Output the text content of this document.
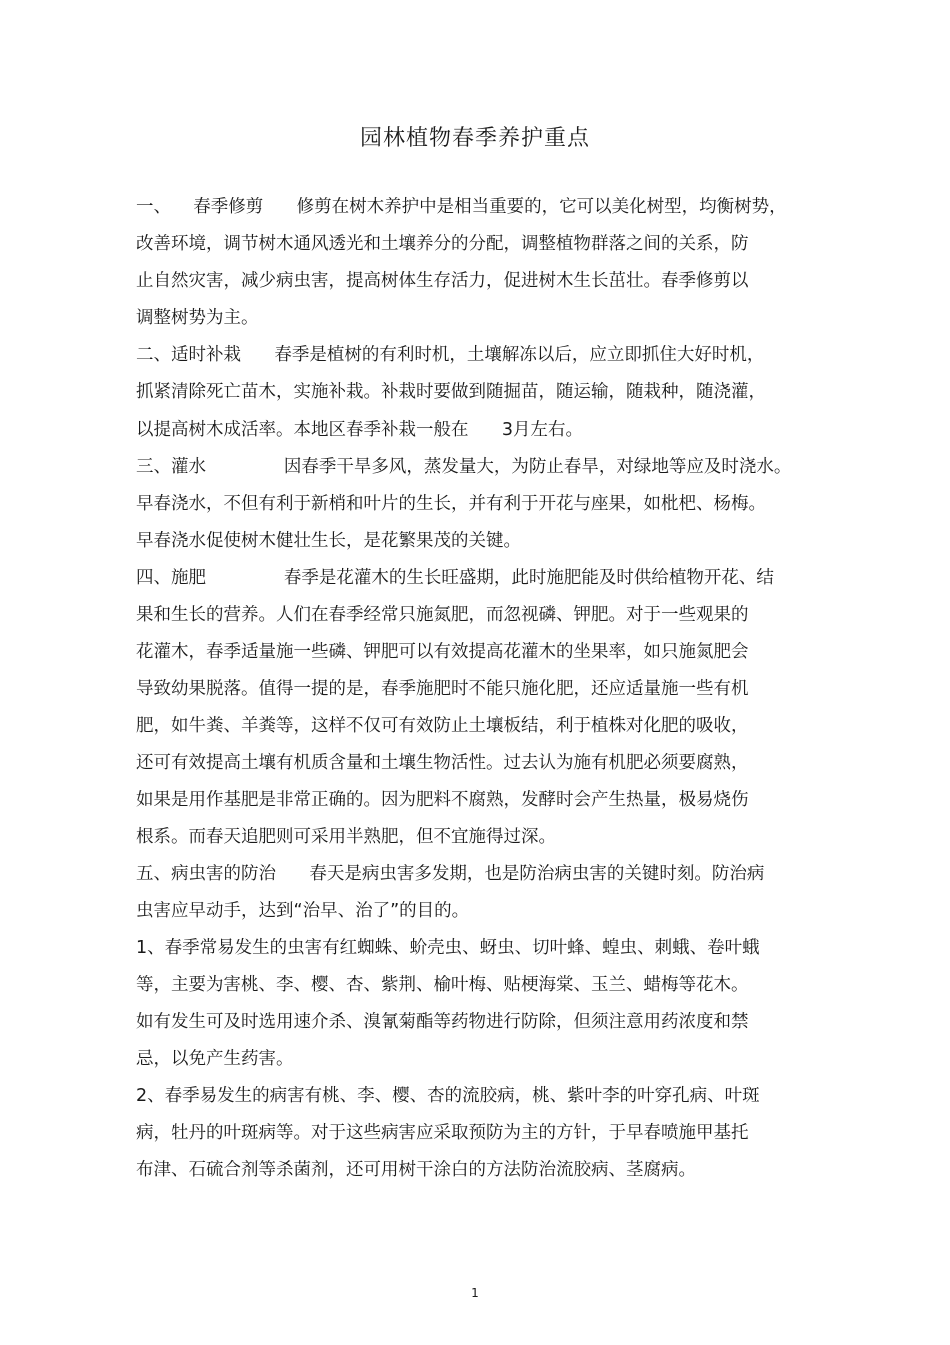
园林植物春季养护重点
一、    春季修剪      修剪在树木养护中是相当重要的，它可以美化树型，均衡树势，
改善环境，调节树木通风透光和土壤养分的分配，调整植物群落之间的关系，防
止自然灾害，减少病虫害，提高树体生存活力，促进树木生长茁壮。春季修剪以
调整树势为主。
二、适时补栽      春季是植树的有利时机，土壤解冻以后，应立即抓住大好时机，
抓紧清除死亡苗木，实施补栽。补栽时要做到随掘苗，随运输，随栽种，随浇灌，
以提高树木成活率。本地区春季补栽一般在      3月左右。
三、灌水              因春季干旱多风，蒸发量大，为防止春旱，对绿地等应及时浇水。
早春浇水，不但有利于新梢和叶片的生长，并有利于开花与座果，如枇杷、杨梅。
早春浇水促使树木健壮生长，是花繁果茂的关键。
四、施肥              春季是花灌木的生长旺盛期，此时施肥能及时供给植物开花、结
果和生长的营养。人们在春季经常只施氮肥，而忽视磷、钾肥。对于一些观果的
花灌木，春季适量施一些磷、钾肥可以有效提高花灌木的坐果率，如只施氮肥会
导致幼果脱落。值得一提的是，春季施肥时不能只施化肥，还应适量施一些有机
肥，如牛粪、羊粪等，这样不仅可有效防止土壤板结，利于植株对化肥的吸收，
还可有效提高土壤有机质含量和土壤生物活性。过去认为施有机肥必须要腐熟，
如果是用作基肥是非常正确的。因为肥料不腐熟，发酵时会产生热量，极易烧伤
根系。而春天追肥则可采用半熟肥，但不宜施得过深。
五、病虫害的防治      春天是病虫害多发期，也是防治病虫害的关键时刻。防治病
虫害应早动手，达到“治早、治了”的目的。
1、春季常易发生的虫害有红蜘蛛、蚧壳虫、蚜虫、切叶蜂、蝗虫、刺蛾、卷叶蛾
等，主要为害桃、李、樱、杏、紫荆、榆叶梅、贴梗海棠、玉兰、蜡梅等花木。
如有发生可及时选用速介杀、溴氰菊酯等药物进行防除，但须注意用药浓度和禁
忌，以免产生药害。
2、春季易发生的病害有桃、李、樱、杏的流胶病，桃、紫叶李的叶穿孔病、叶斑
病，牡丹的叶斑病等。对于这些病害应采取预防为主的方针，于早春喷施甲基托
布津、石硫合剂等杀菌剂，还可用树干涂白的方法防治流胶病、茎腐病。
1
